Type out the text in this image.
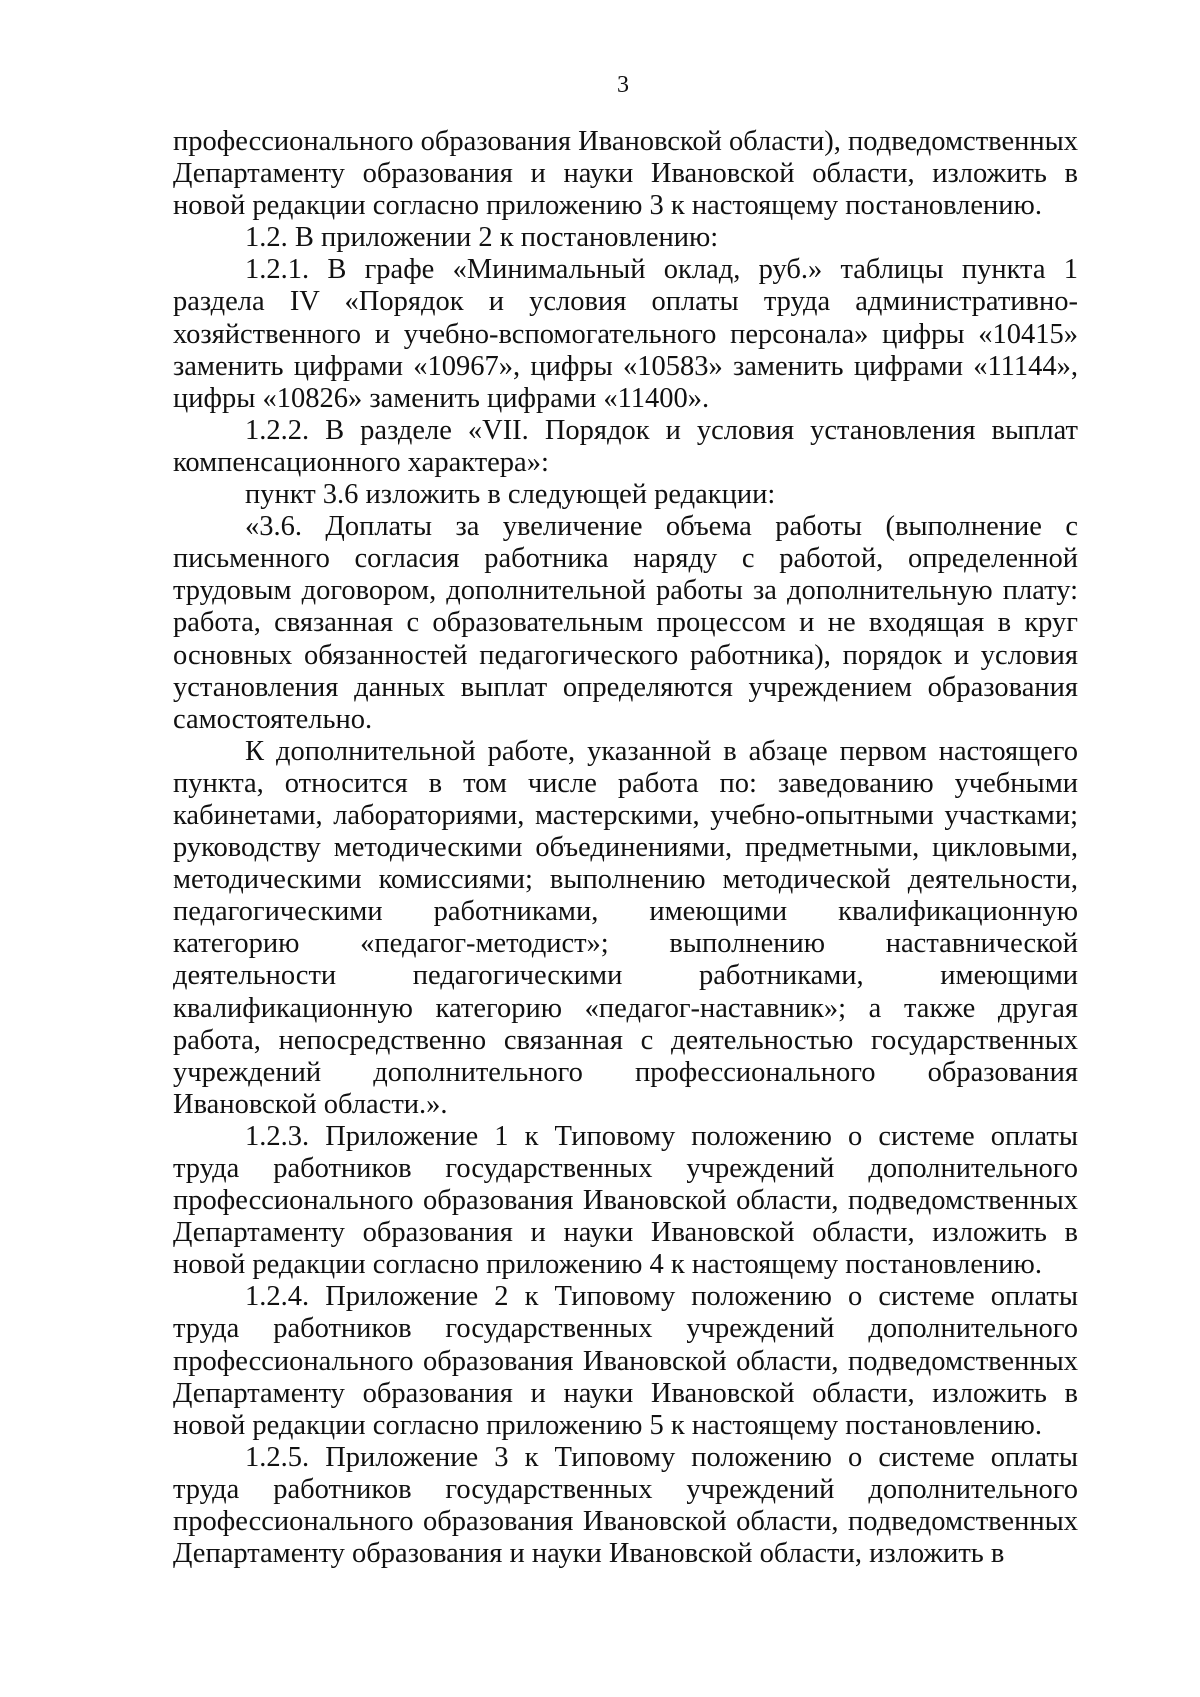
3

профессионального образования Ивановской области), подведомственных Департаменту образования и науки Ивановской области, изложить в новой редакции согласно приложению 3 к настоящему постановлению.

1.2. В приложении 2 к постановлению:

1.2.1. В графе «Минимальный оклад, руб.» таблицы пункта 1 раздела IV «Порядок и условия оплаты труда административно-хозяйственного и учебно-вспомогательного персонала» цифры «10415» заменить цифрами «10967», цифры «10583» заменить цифрами «11144», цифры «10826» заменить цифрами «11400».

1.2.2. В разделе «VII. Порядок и условия установления выплат компенсационного характера»:

пункт 3.6 изложить в следующей редакции:

«3.6. Доплаты за увеличение объема работы (выполнение с письменного согласия работника наряду с работой, определенной трудовым договором, дополнительной работы за дополнительную плату: работа, связанная с образовательным процессом и не входящая в круг основных обязанностей педагогического работника), порядок и условия установления данных выплат определяются учреждением образования самостоятельно.

К дополнительной работе, указанной в абзаце первом настоящего пункта, относится в том числе работа по: заведованию учебными кабинетами, лабораториями, мастерскими, учебно-опытными участками; руководству методическими объединениями, предметными, цикловыми, методическими комиссиями; выполнению методической деятельности, педагогическими работниками, имеющими квалификационную категорию «педагог-методист»; выполнению наставнической деятельности педагогическими работниками, имеющими квалификационную категорию «педагог-наставник»; а также другая работа, непосредственно связанная с деятельностью государственных учреждений дополнительного профессионального образования Ивановской области.».

1.2.3. Приложение 1 к Типовому положению о системе оплаты труда работников государственных учреждений дополнительного профессионального образования Ивановской области, подведомственных Департаменту образования и науки Ивановской области, изложить в новой редакции согласно приложению 4 к настоящему постановлению.

1.2.4. Приложение 2 к Типовому положению о системе оплаты труда работников государственных учреждений дополнительного профессионального образования Ивановской области, подведомственных Департаменту образования и науки Ивановской области, изложить в новой редакции согласно приложению 5 к настоящему постановлению.

1.2.5. Приложение 3 к Типовому положению о системе оплаты труда работников государственных учреждений дополнительного профессионального образования Ивановской области, подведомственных Департаменту образования и науки Ивановской области, изложить в
